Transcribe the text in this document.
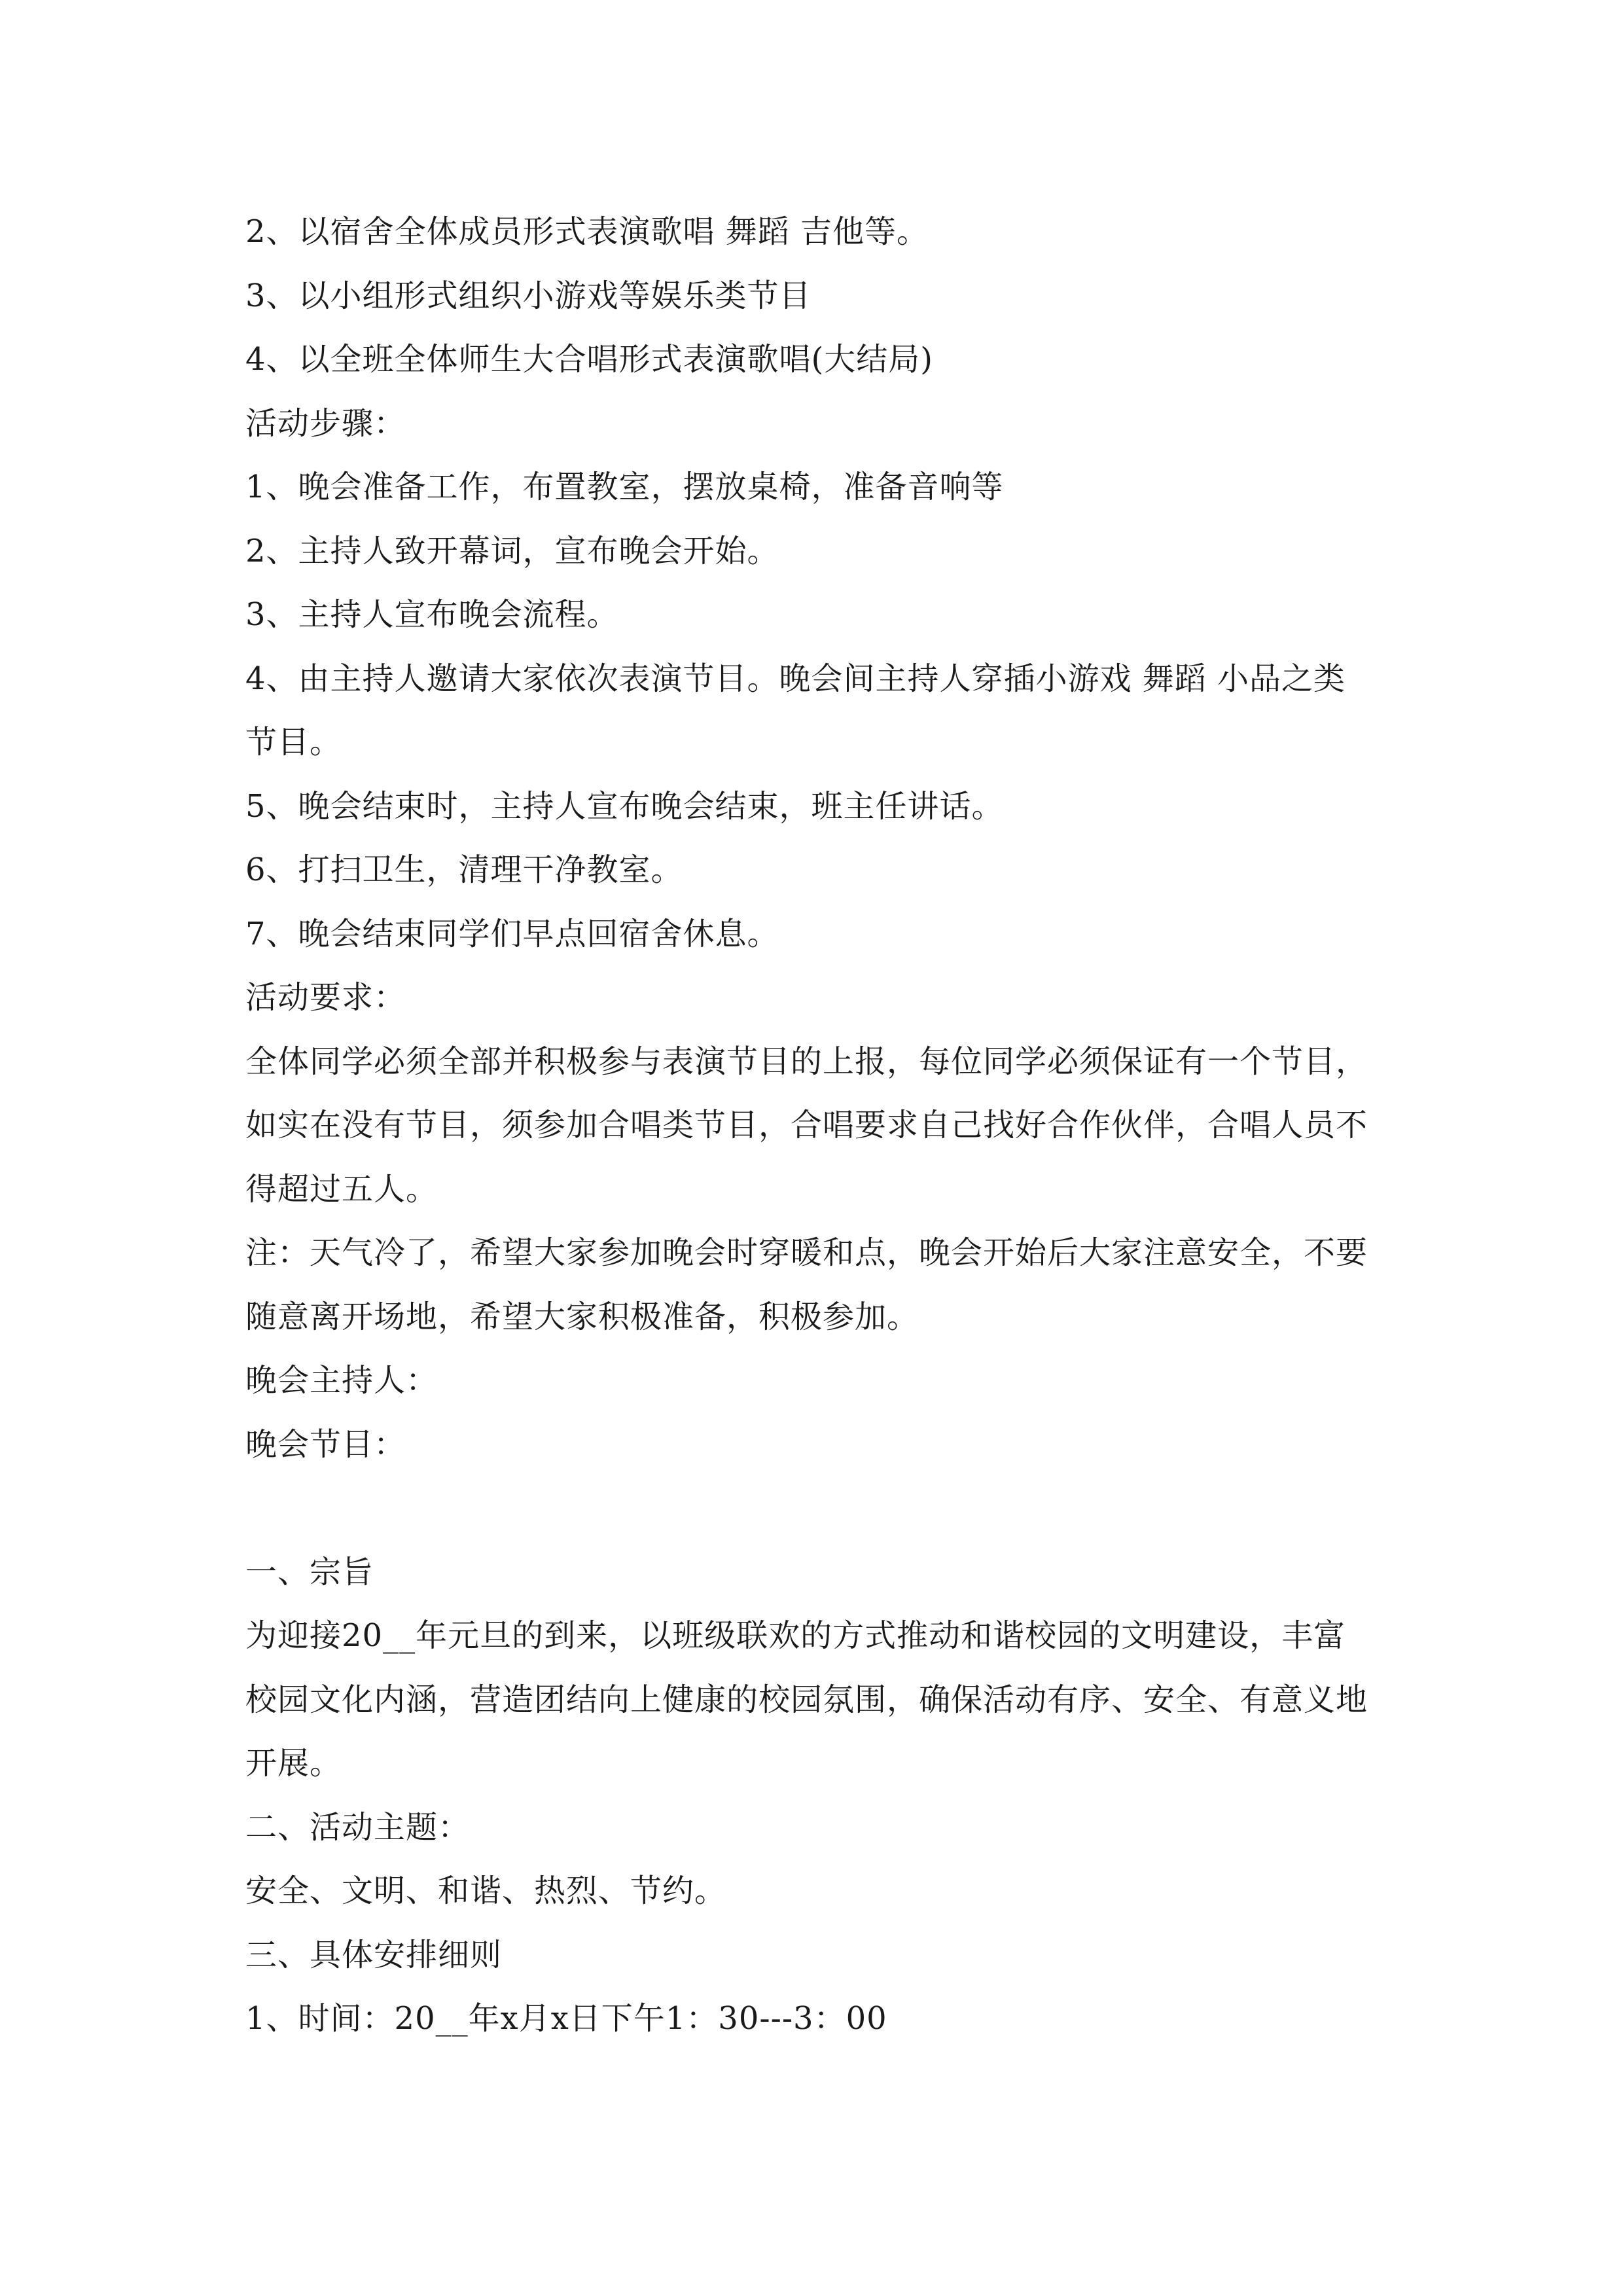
2、以宿舍全体成员形式表演歌唱 舞蹈 吉他等。
3、以小组形式组织小游戏等娱乐类节目
4、以全班全体师生大合唱形式表演歌唱(大结局)
活动步骤：
1、晚会准备工作，布置教室，摆放桌椅，准备音响等
2、主持人致开幕词，宣布晚会开始。
3、主持人宣布晚会流程。
4、由主持人邀请大家依次表演节目。晚会间主持人穿插小游戏 舞蹈 小品之类
节目。
5、晚会结束时，主持人宣布晚会结束，班主任讲话。
6、打扫卫生，清理干净教室。
7、晚会结束同学们早点回宿舍休息。
活动要求：
全体同学必须全部并积极参与表演节目的上报，每位同学必须保证有一个节目，
如实在没有节目，须参加合唱类节目，合唱要求自己找好合作伙伴，合唱人员不
得超过五人。
注：天气冷了，希望大家参加晚会时穿暖和点，晚会开始后大家注意安全，不要
随意离开场地，希望大家积极准备，积极参加。
晚会主持人：
晚会节目：
一、宗旨
为迎接20__年元旦的到来，以班级联欢的方式推动和谐校园的文明建设，丰富
校园文化内涵，营造团结向上健康的校园氛围，确保活动有序、安全、有意义地
开展。
二、活动主题：
安全、文明、和谐、热烈、节约。
三、具体安排细则
1、时间：20__年x月x日下午1：30---3：00
